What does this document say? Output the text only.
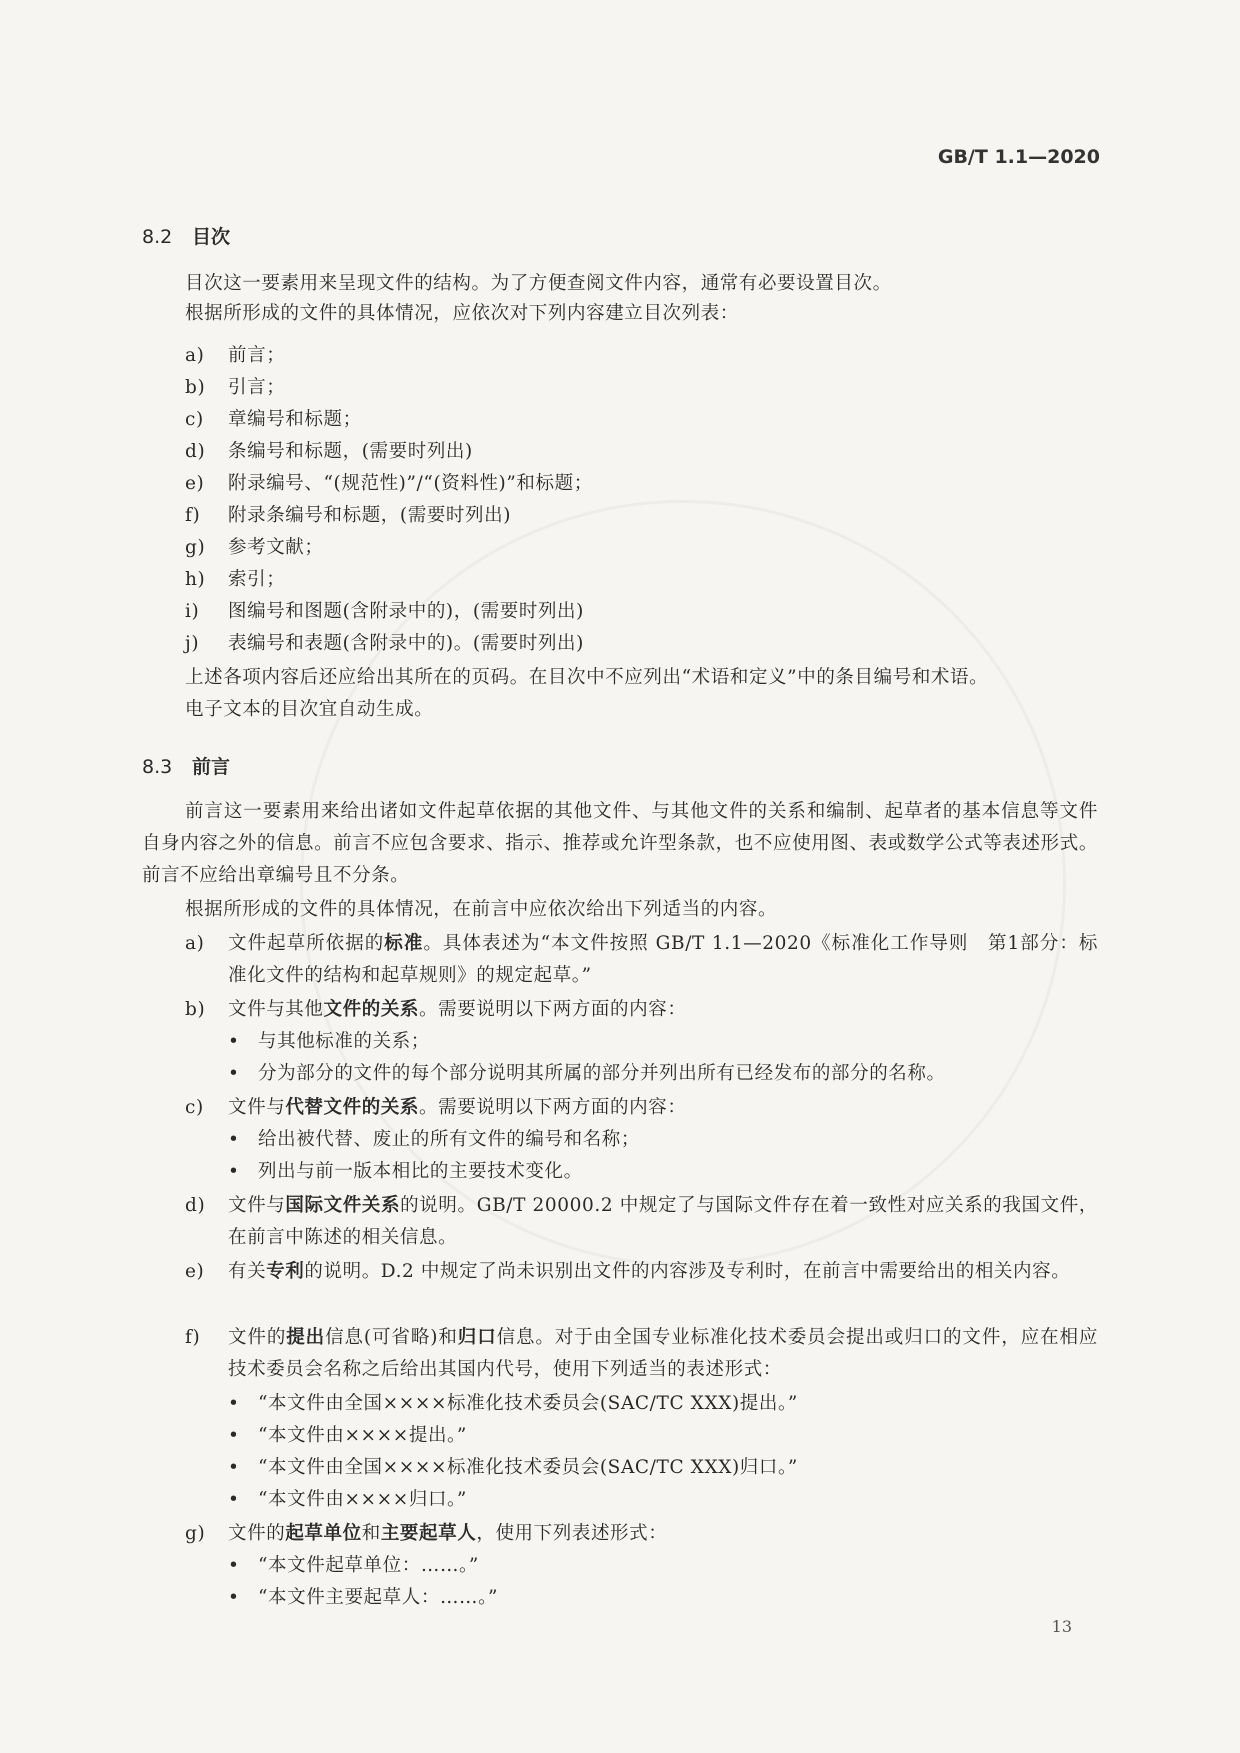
GB/T 1.1—2020
8.2 目次
目次这一要素用来呈现文件的结构。为了方便查阅文件内容，通常有必要设置目次。
根据所形成的文件的具体情况，应依次对下列内容建立目次列表：
a)	前言；
b)	引言；
c)	章编号和标题；
d)	条编号和标题，(需要时列出)
e)	附录编号、“(规范性)”/“(资料性)”和标题；
f)	附录条编号和标题，(需要时列出)
g)	参考文献；
h)	索引；
i)	图编号和图题(含附录中的)，(需要时列出)
j)	表编号和表题(含附录中的)。(需要时列出)
上述各项内容后还应给出其所在的页码。在目次中不应列出“术语和定义”中的条目编号和术语。
电子文本的目次宜自动生成。
8.3 前言
前言这一要素用来给出诸如文件起草依据的其他文件、与其他文件的关系和编制、起草者的基本信息等文件自身内容之外的信息。前言不应包含要求、指示、推荐或允许型条款，也不应使用图、表或数学公式等表述形式。前言不应给出章编号且不分条。
根据所形成的文件的具体情况，在前言中应依次给出下列适当的内容。
a)	文件起草所依据的标准。具体表述为“本文件按照 GB/T 1.1—2020《标准化工作导则　第1部分：标准化文件的结构和起草规则》的规定起草。”
b)	文件与其他文件的关系。需要说明以下两方面的内容：
• 与其他标准的关系；
• 分为部分的文件的每个部分说明其所属的部分并列出所有已经发布的部分的名称。
c)	文件与代替文件的关系。需要说明以下两方面的内容：
• 给出被代替、废止的所有文件的编号和名称；
• 列出与前一版本相比的主要技术变化。
d)	文件与国际文件关系的说明。GB/T 20000.2 中规定了与国际文件存在着一致性对应关系的我国文件，在前言中陈述的相关信息。
e)	有关专利的说明。D.2 中规定了尚未识别出文件的内容涉及专利时，在前言中需要给出的相关内容。
f)	文件的提出信息(可省略)和归口信息。对于由全国专业标准化技术委员会提出或归口的文件，应在相应技术委员会名称之后给出其国内代号，使用下列适当的表述形式：
• “本文件由全国××××标准化技术委员会(SAC/TC XXX)提出。”
• “本文件由××××提出。”
• “本文件由全国××××标准化技术委员会(SAC/TC XXX)归口。”
• “本文件由××××归口。”
g)	文件的起草单位和主要起草人，使用下列表述形式：
• “本文件起草单位：……。”
• “本文件主要起草人：……。”
13
